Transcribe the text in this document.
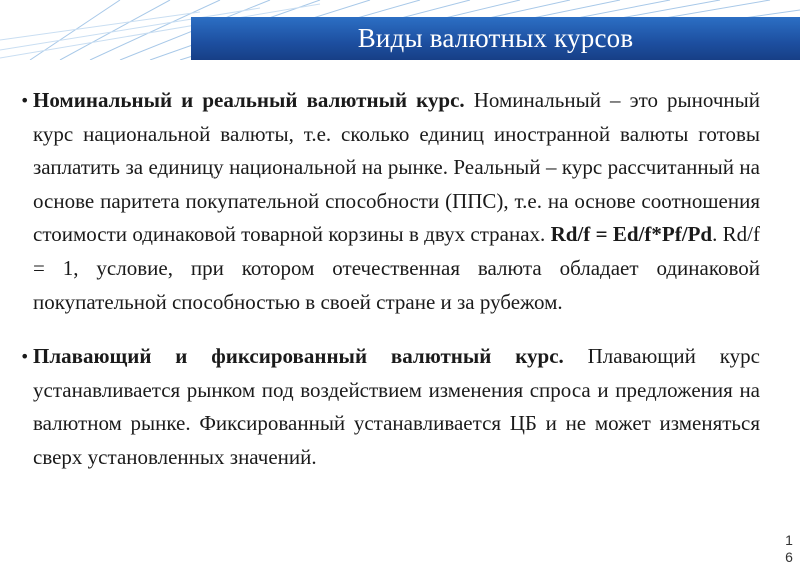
Виды валютных курсов

• Номинальный и реальный валютный курс. Номинальный – это рыночный курс национальной валюты, т.е. сколько единиц иностранной валюты готовы заплатить за единицу национальной на рынке. Реальный – курс рассчитанный на основе паритета покупательной способности (ППС), т.е. на основе соотношения стоимости одинаковой товарной корзины в двух странах. Rd/f = Ed/f*Pf/Pd. Rd/f = 1, условие, при котором отечественная валюта обладает одинаковой покупательной способностью в своей стране и за рубежом.

• Плавающий и фиксированный валютный курс. Плавающий курс устанавливается рынком под воздействием изменения спроса и предложения на валютном рынке. Фиксированный устанавливается ЦБ и не может изменяться сверх установленных значений.

1
6
